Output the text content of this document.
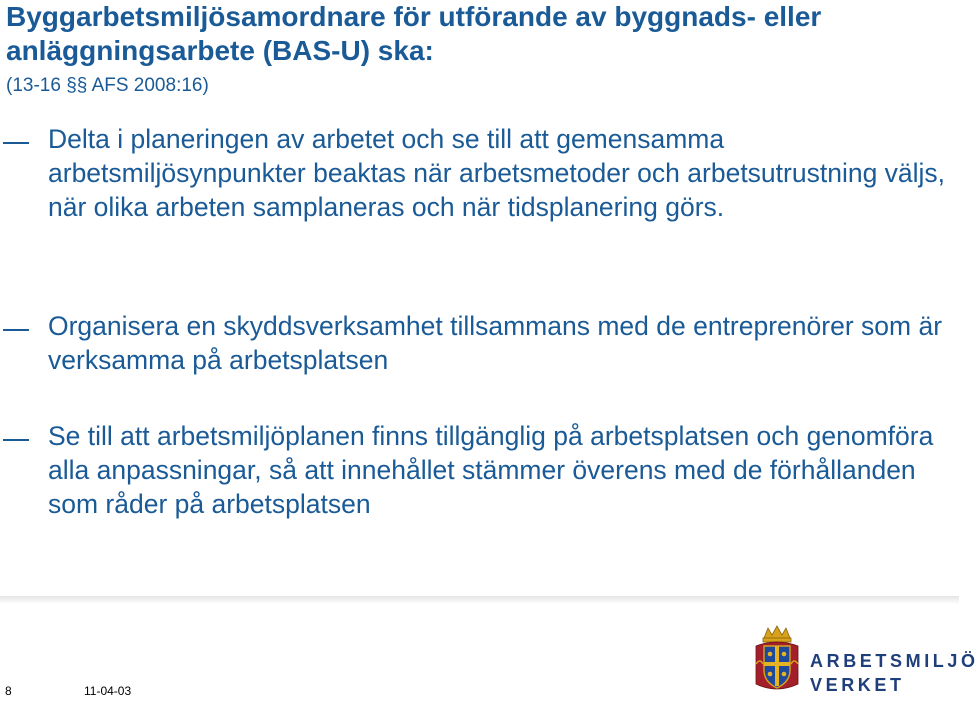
Byggarbetsmiljösamordnare för utförande av byggnads- eller anläggningsarbete (BAS-U) ska:
(13-16 §§ AFS 2008:16)
Delta i planeringen av arbetet och se till att gemensamma arbetsmiljösynpunkter beaktas när arbetsmetoder och arbetsutrustning väljs, när olika arbeten samplaneras och när tidsplanering görs.
Organisera en skyddsverksamhet tillsammans med de entreprenörer som är verksamma på arbetsplatsen
Se till att arbetsmiljöplanen finns tillgänglig på arbetsplatsen och genomföra alla anpassningar, så att innehållet stämmer överens med de förhållanden som råder på arbetsplatsen
8	11-04-03
ARBETSMILJÖ
VERKET
